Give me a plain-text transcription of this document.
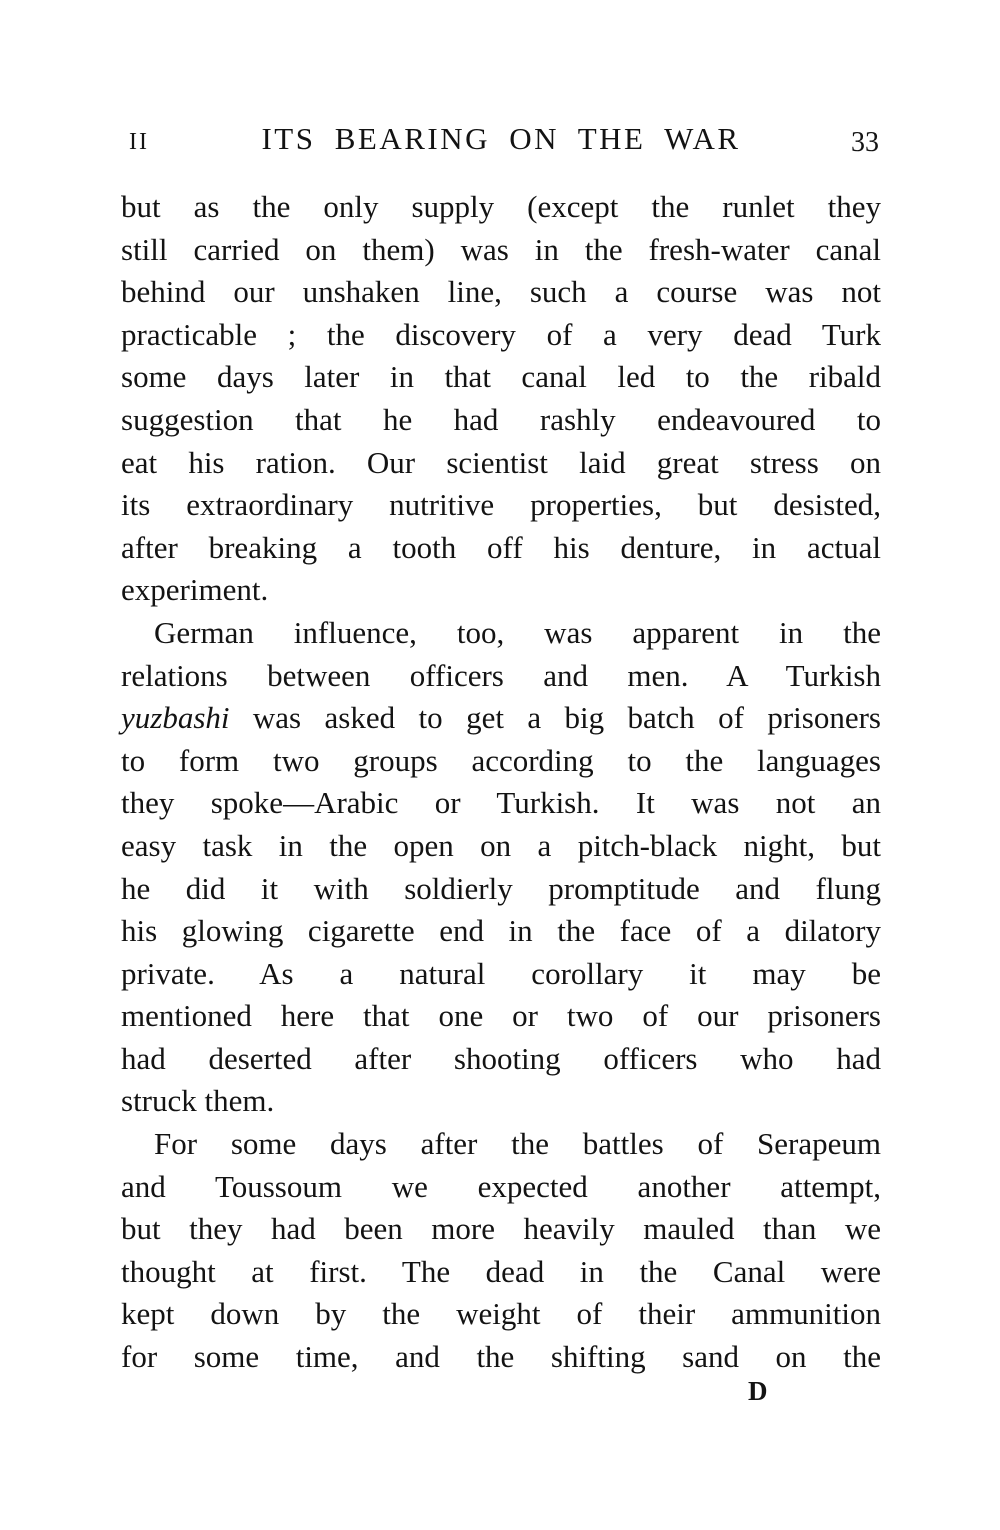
II	ITS BEARING ON THE WAR	33
but as the only supply (except the runlet they
still carried on them) was in the fresh-water canal
behind our unshaken line, such a course was not
practicable ; the discovery of a very dead Turk
some days later in that canal led to the ribald
suggestion that he had rashly endeavoured to
eat his ration. Our scientist laid great stress on
its extraordinary nutritive properties, but desisted,
after breaking a tooth off his denture, in actual
experiment.
German influence, too, was apparent in the
relations between officers and men. A Turkish
yuzbashi was asked to get a big batch of prisoners
to form two groups according to the languages
they spoke—Arabic or Turkish. It was not an
easy task in the open on a pitch-black night, but
he did it with soldierly promptitude and flung
his glowing cigarette end in the face of a dilatory
private. As a natural corollary it may be
mentioned here that one or two of our prisoners
had deserted after shooting officers who had
struck them.
For some days after the battles of Serapeum
and Toussoum we expected another attempt,
but they had been more heavily mauled than we
thought at first. The dead in the Canal were
kept down by the weight of their ammunition
for some time, and the shifting sand on the
D
